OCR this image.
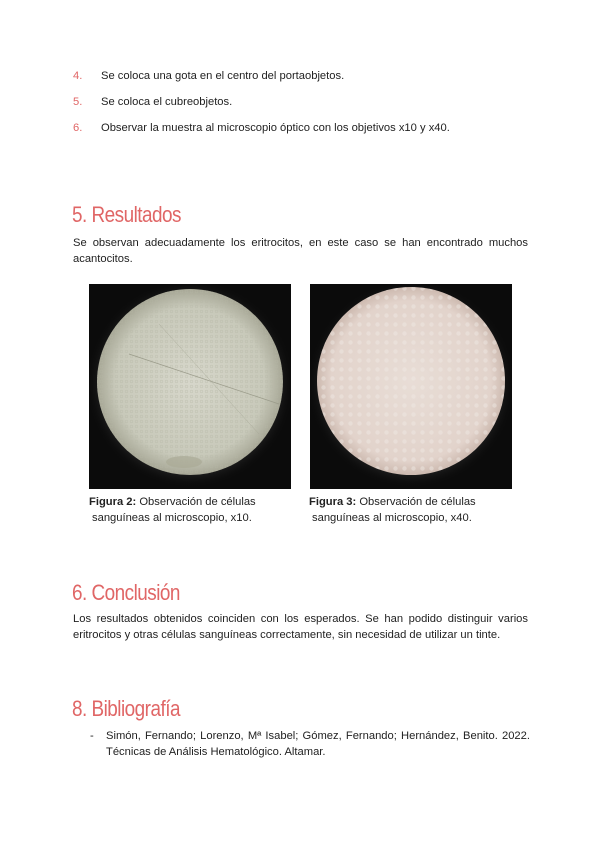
4.	Se coloca una gota en el centro del portaobjetos.
5.	Se coloca el cubreobjetos.
6.	Observar la muestra al microscopio óptico con los objetivos x10 y x40.
5. Resultados
Se observan adecuadamente los eritrocitos, en este caso se han encontrado muchos acantocitos.
Figura 2: Observación de células
sanguíneas al microscopio, x10.
Figura 3: Observación de células
sanguíneas al microscopio, x40.
6. Conclusión
Los resultados obtenidos coinciden con los esperados. Se han podido distinguir varios eritrocitos y otras células sanguíneas correctamente, sin necesidad de utilizar un tinte.
8. Bibliografía
- Simón, Fernando; Lorenzo, Mª Isabel; Gómez, Fernando; Hernández, Benito. 2022. Técnicas de Análisis Hematológico. Altamar.
